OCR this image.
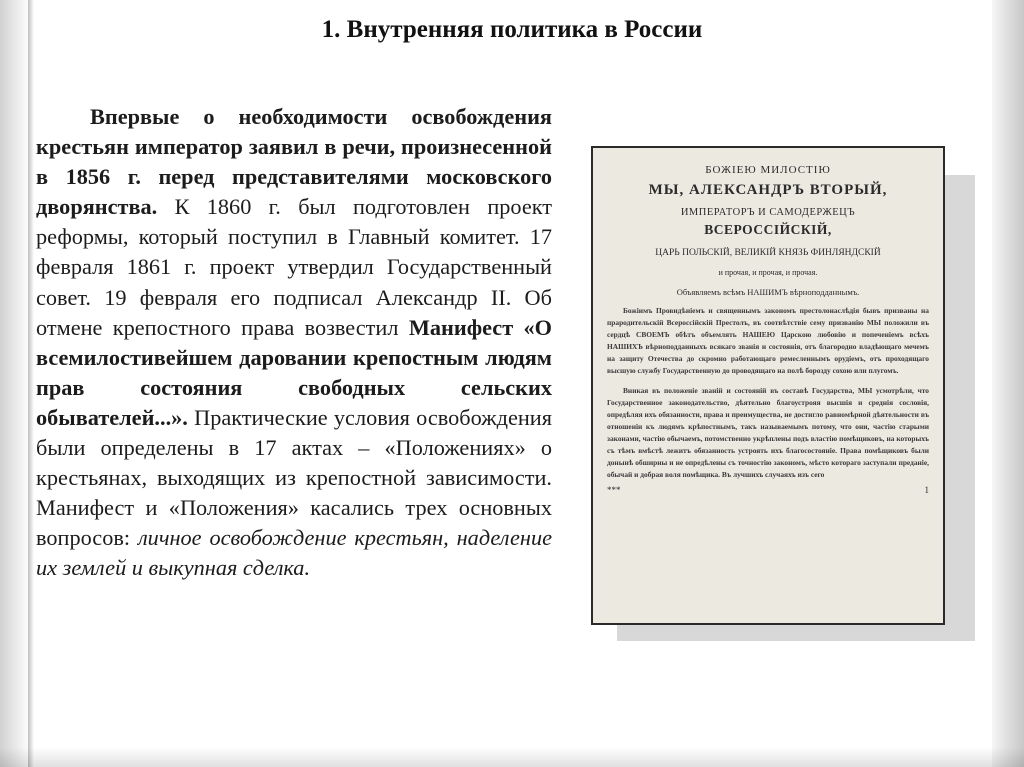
1. Внутренняя политика в России
Впервые о необходимости освобождения крестьян император заявил в речи, произнесенной в 1856 г. перед представителями московского дворянства. К 1860 г. был подготовлен проект реформы, который поступил в Главный комитет. 17 февраля 1861 г. проект утвердил Государственный совет. 19 февраля его подписал Александр II. Об отмене крепостного права возвестил Манифест «О всемилостивейшем даровании крепостным людям прав состояния свободных сельских обывателей...». Практические условия освобождения были определены в 17 актах – «Положениях» о крестьянах, выходящих из крепостной зависимости. Манифест и «Положения» касались трех основных вопросов: личное освобождение крестьян, наделение их землей и выкупная сделка.
БОЖІЕЮ МИЛОСТІЮ
МЫ, АЛЕКСАНДРЪ ВТОРЫЙ,
ИМПЕРАТОРЪ И САМОДЕРЖЕЦЪ
ВСЕРОССІЙСКІЙ,
ЦАРЬ ПОЛЬСКІЙ, ВЕЛИКІЙ КНЯЗЬ ФИНЛЯНДСКІЙ
и прочая, и прочая, и прочая.
Объявляемъ всѣмъ НАШИМЪ вѣрноподданнымъ.
Божіимъ Провидѣніемъ и священнымъ закономъ престолонаслѣдія бывъ призваны на прародительскій Всероссійскій Престолъ, въ соотвѣтствіе сему призванію МЫ положили въ сердцѣ СВОЕМЪ обѣтъ объемлять НАШЕЮ Царскою любовію и попеченіемъ всѣхъ НАШИХЪ вѣрноподданныхъ всякаго званія и состоянія, отъ благородно владѣющаго мечемъ на защиту Отечества до скромно работающаго ремесленнымъ орудіемъ, отъ проходящаго высшую службу Государственную до проводящаго на полѣ борозду сохою или плугомъ.
Вникая въ положеніе званій и состояній въ составѣ Государства, МЫ усмотрѣли, что Государственное законодательство, дѣятельно благоустрояя высшія и среднія сословія, опредѣляя ихъ обязанности, права и преимущества, не достигло равномѣрной дѣятельности въ отношеніи къ людямъ крѣпостнымъ, такъ называемымъ потому, что они, частію старыми законами, частію обычаемъ, потомственно укрѣплены подъ властію помѣщиковъ, на которыхъ съ тѣмъ вмѣстѣ лежитъ обязанность устроять ихъ благосостояніе. Права помѣщиковъ были донынѣ обширны и не опредѣлены съ точностію закономъ, мѣсто котораго заступали преданіе, обычай и добрая воля помѣщика. Въ лучшихъ случаяхъ изъ сего
***	1
